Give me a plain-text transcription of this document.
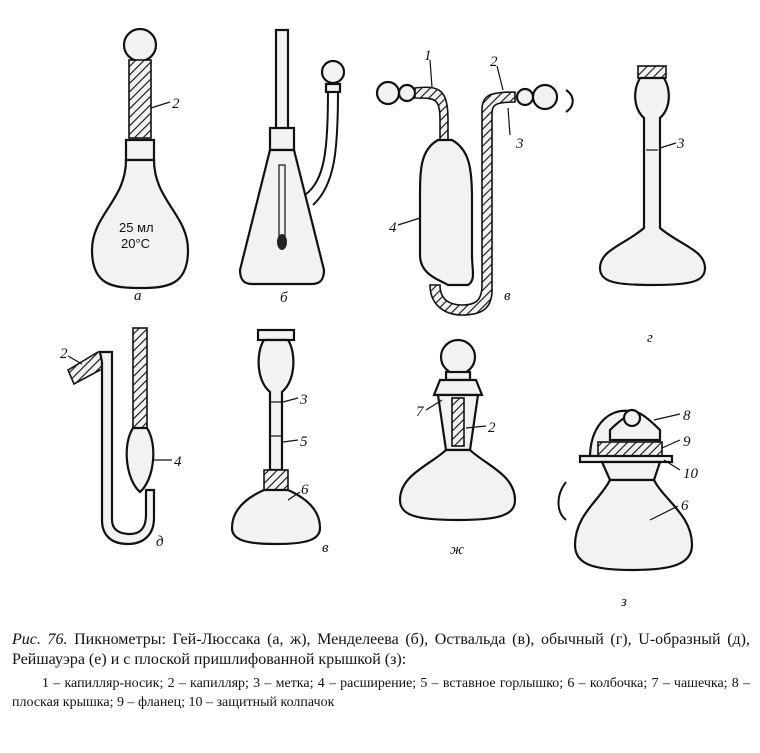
25 мл
20°C
2
а	б
1	2
3
4
в
3
г
4
2
д
3
5
6
в
7
2
ж
8
9
10
6
з

Рис. 76. Пикнометры: Гей-Люссака (а, ж), Менделеева (б), Оствальда (в), обычный (г), U-образный (д), Рейшауэра (е) и с плоской пришлифованной крышкой (з):

1 – капилляр-носик; 2 – капилляр; 3 – метка; 4 – расширение; 5 – вставное горлышко; 6 – колбочка; 7 – чашечка; 8 – плоская крышка; 9 – фланец; 10 – защитный колпачок
